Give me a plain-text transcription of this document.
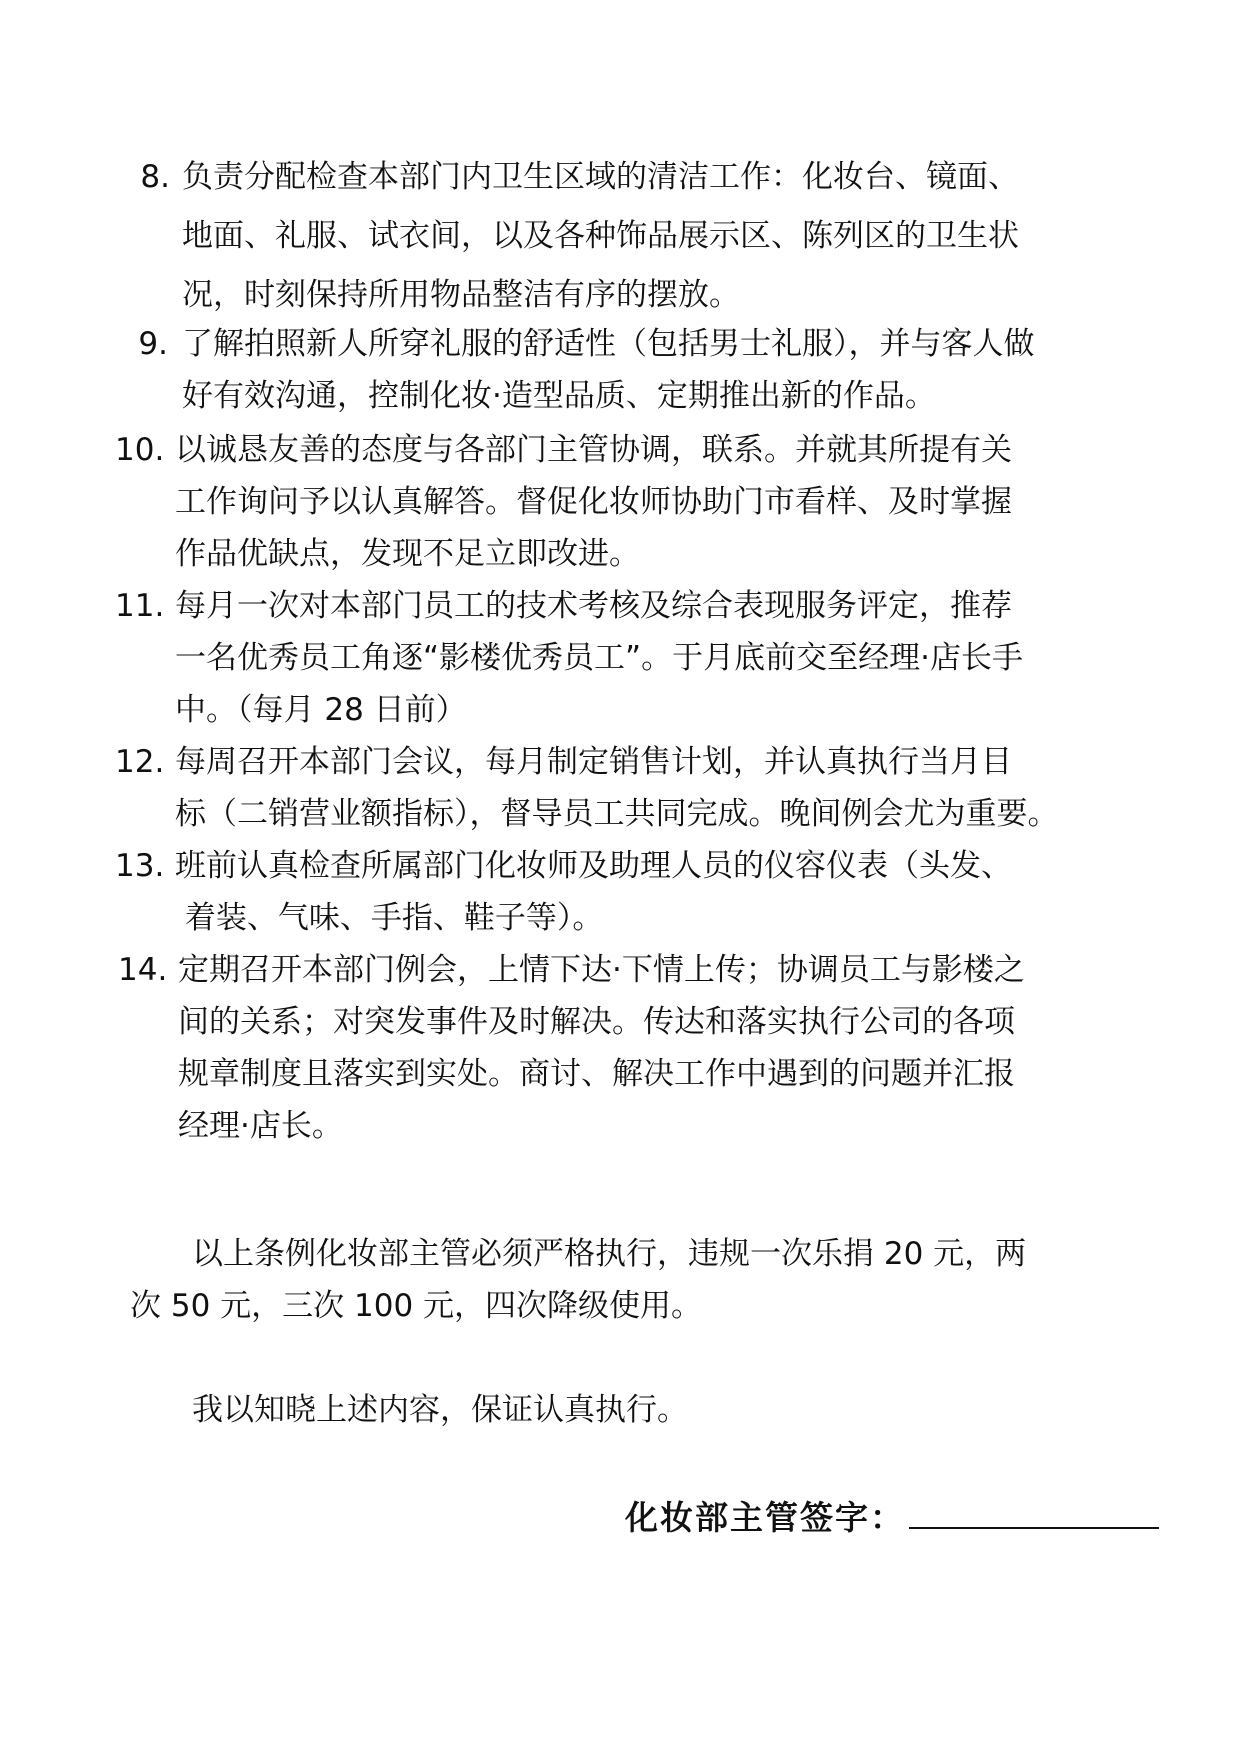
8. 负责分配检查本部门内卫生区域的清洁工作：化妆台、镜面、
地面、礼服、试衣间，以及各种饰品展示区、陈列区的卫生状
况，时刻保持所用物品整洁有序的摆放。
9. 了解拍照新人所穿礼服的舒适性（包括男士礼服），并与客人做
好有效沟通，控制化妆·造型品质、定期推出新的作品。
10. 以诚恳友善的态度与各部门主管协调，联系。并就其所提有关
工作询问予以认真解答。督促化妆师协助门市看样、及时掌握
作品优缺点，发现不足立即改进。
11. 每月一次对本部门员工的技术考核及综合表现服务评定，推荐
一名优秀员工角逐“影楼优秀员工”。于月底前交至经理·店长手
中。（每月 28 日前）
12. 每周召开本部门会议，每月制定销售计划，并认真执行当月目
标（二销营业额指标），督导员工共同完成。晚间例会尤为重要。
13. 班前认真检查所属部门化妆师及助理人员的仪容仪表（头发、
着装、气味、手指、鞋子等）。
14. 定期召开本部门例会，上情下达·下情上传；协调员工与影楼之
间的关系；对突发事件及时解决。传达和落实执行公司的各项
规章制度且落实到实处。商讨、解决工作中遇到的问题并汇报
经理·店长。
以上条例化妆部主管必须严格执行，违规一次乐捐 20 元，两
次 50 元，三次 100 元，四次降级使用。
我以知晓上述内容，保证认真执行。
化妆部主管签字：
